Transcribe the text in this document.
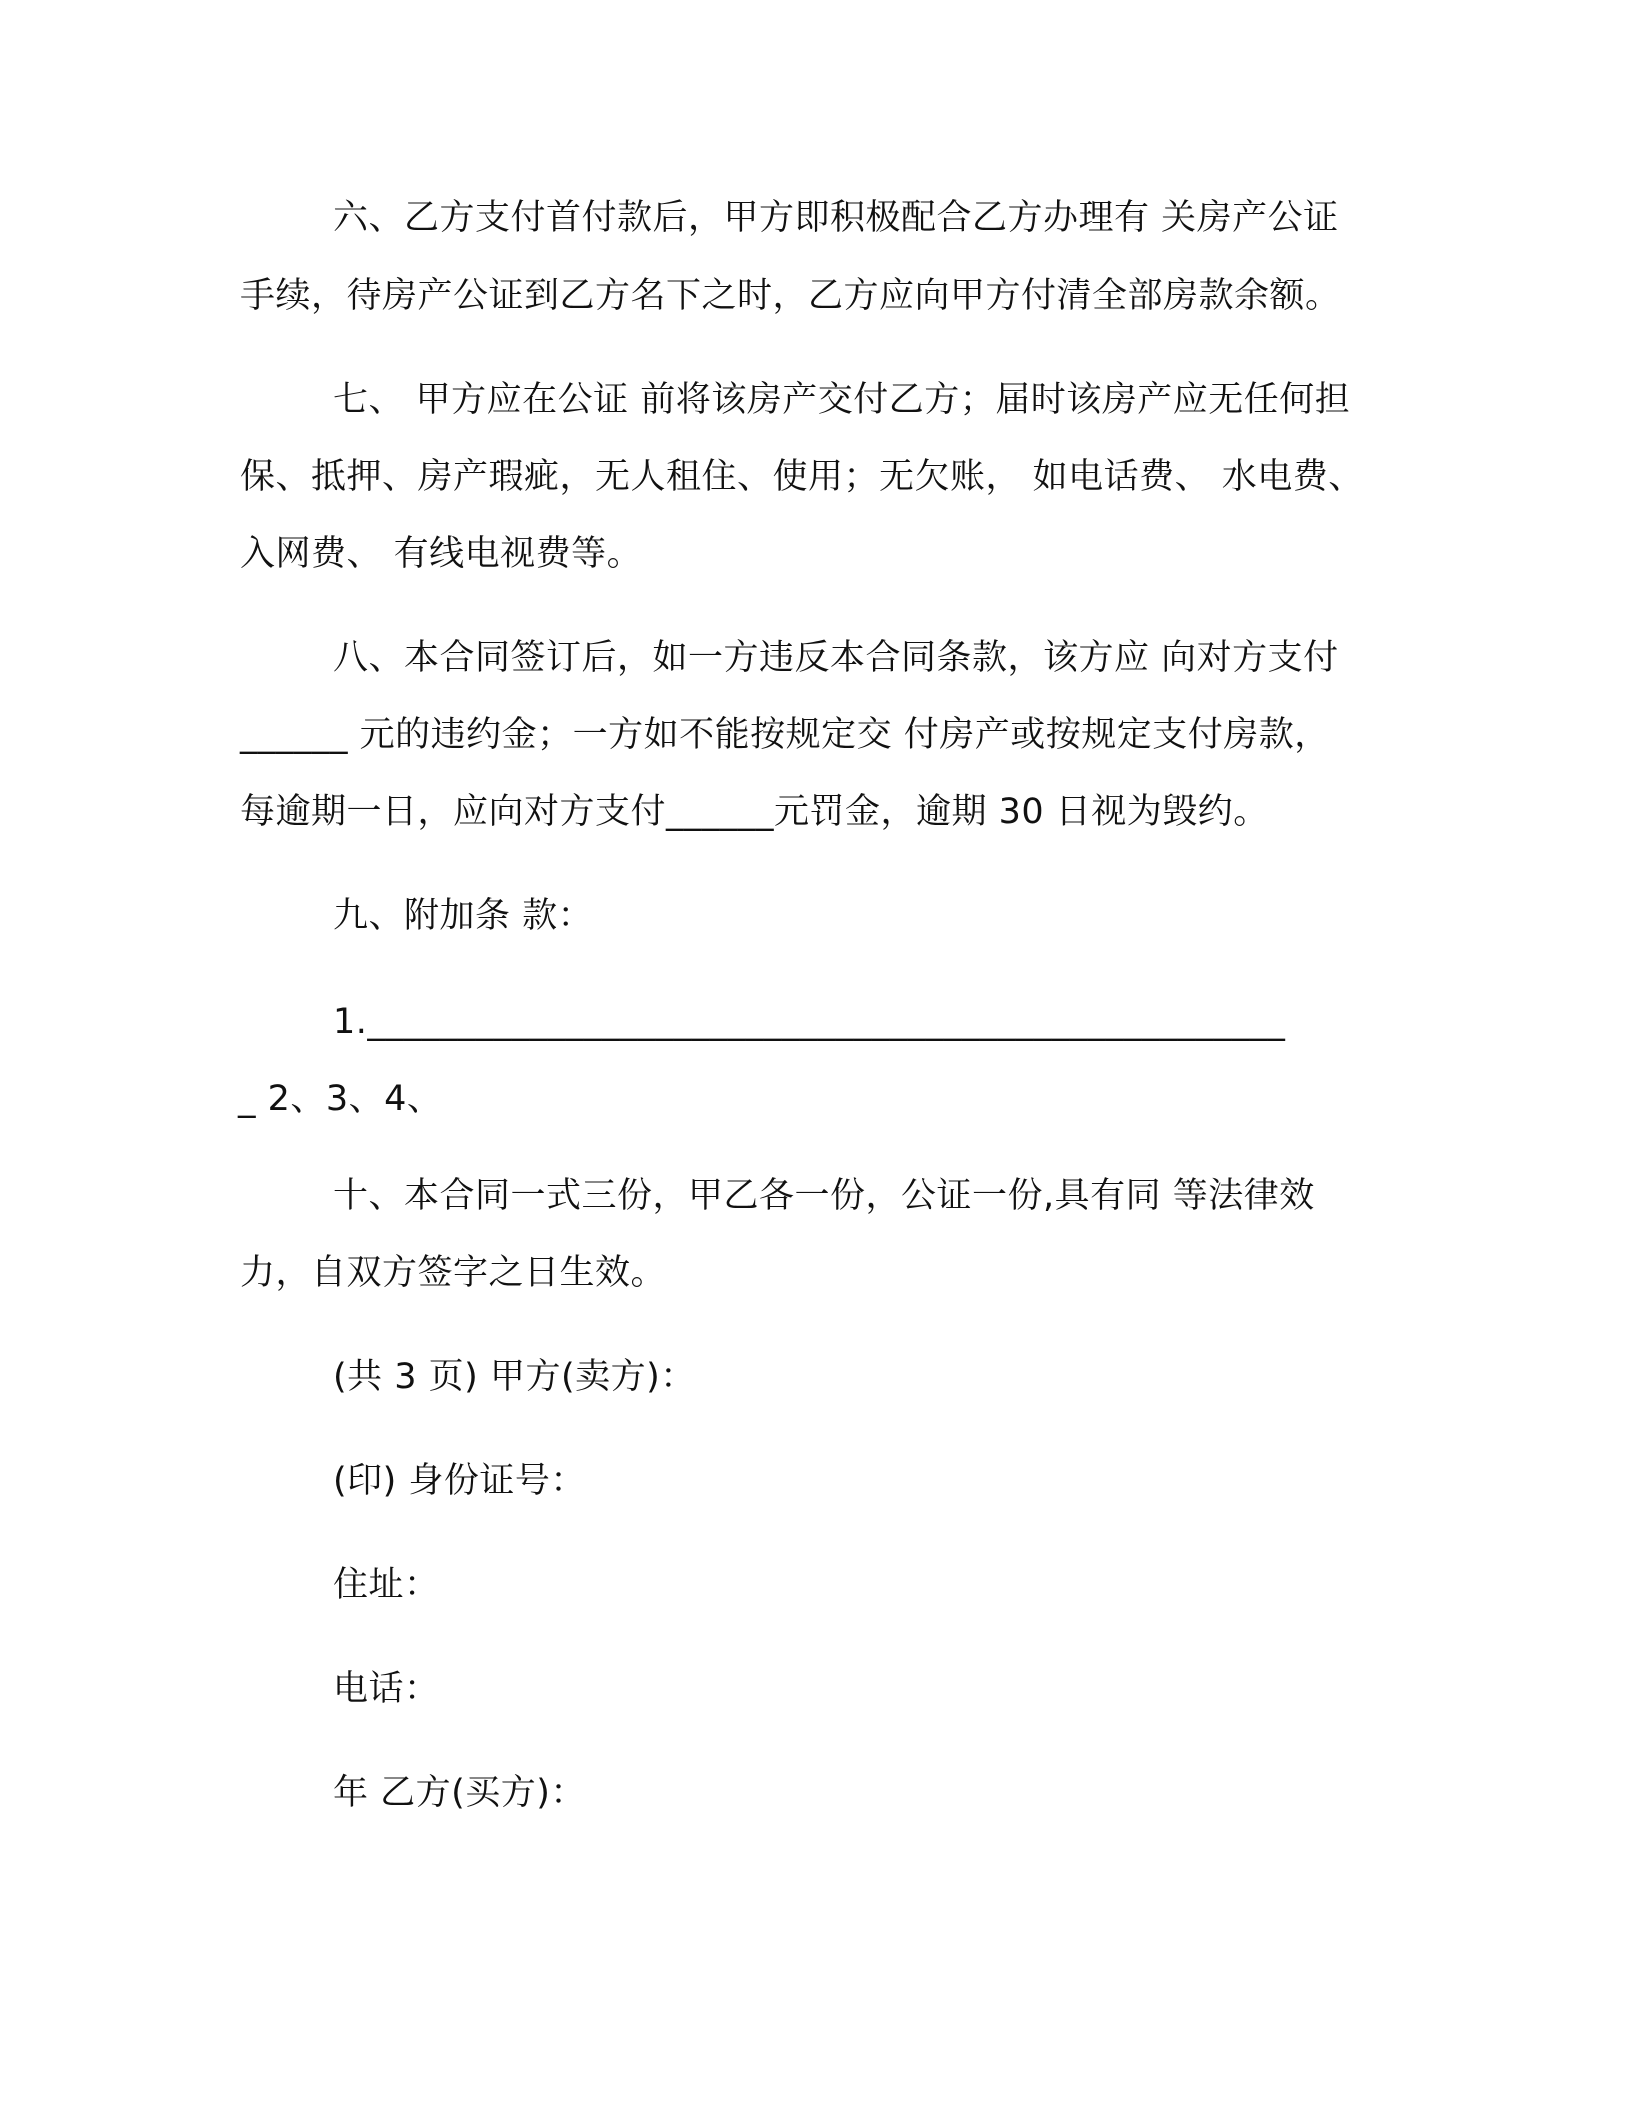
六、乙方支付首付款后，甲方即积极配合乙方办理有 关房产公证
手续，待房产公证到乙方名下之时，乙方应向甲方付清全部房款余额。
七、 甲方应在公证 前将该房产交付乙方；届时该房产应无任何担
保、抵押、房产瑕疵，无人租住、使用；无欠账， 如电话费、 水电费、
入网费、 有线电视费等。
八、本合同签订后，如一方违反本合同条款，该方应 向对方支付
______ 元的违约金；一方如不能按规定交 付房产或按规定支付房款，
每逾期一日，应向对方支付______元罚金，逾期 30 日视为毁约。
九、附加条 款：
1.___________________________________________________
_ 2、3、4、
十、本合同一式三份，甲乙各一份，公证一份,具有同 等法律效
力，自双方签字之日生效。
(共 3 页) 甲方(卖方)：
(印) 身份证号：
住址：
电话：
年 乙方(买方)：
